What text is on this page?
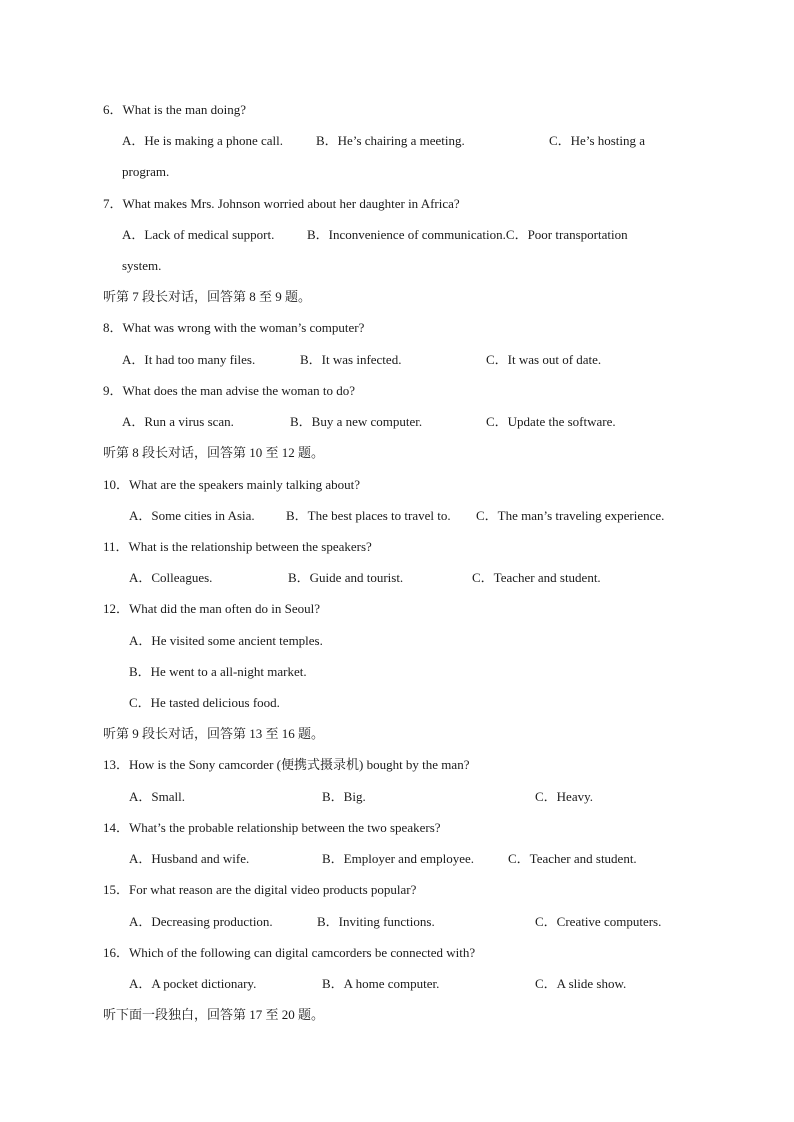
6．What is the man doing?
A．He is making a phone call.	B．He’s chairing a meeting.	C．He’s hosting a
program.
7．What makes Mrs. Johnson worried about her daughter in Africa?
A．Lack of medical support.	B．Inconvenience of communication.C．Poor transportation
system.
听第 7 段长对话，回答第 8 至 9 题。
8．What was wrong with the woman’s computer?
A．It had too many files.	B．It was infected.	C．It was out of date.
9．What does the man advise the woman to do?
A．Run a virus scan.	B．Buy a new computer.	C．Update the software.
听第 8 段长对话，回答第 10 至 12 题。
10．What are the speakers mainly talking about?
A．Some cities in Asia. B．The best places to travel to. C．The man’s traveling experience.
11．What is the relationship between the speakers?
A．Colleagues.	B．Guide and tourist.	C．Teacher and student.
12．What did the man often do in Seoul?
A．He visited some ancient temples.
B．He went to a all-night market.
C．He tasted delicious food.
听第 9 段长对话，回答第 13 至 16 题。
13．How is the Sony camcorder (便携式摄录机) bought by the man?
A．Small.	B．Big.	C．Heavy.
14．What’s the probable relationship between the two speakers?
A．Husband and wife.	B．Employer and employee.	C．Teacher and student.
15．For what reason are the digital video products popular?
A．Decreasing production.	B．Inviting functions.	C．Creative computers.
16．Which of the following can digital camcorders be connected with?
A．A pocket dictionary.	B．A home computer.	C．A slide show.
听下面一段独白，回答第 17 至 20 题。
